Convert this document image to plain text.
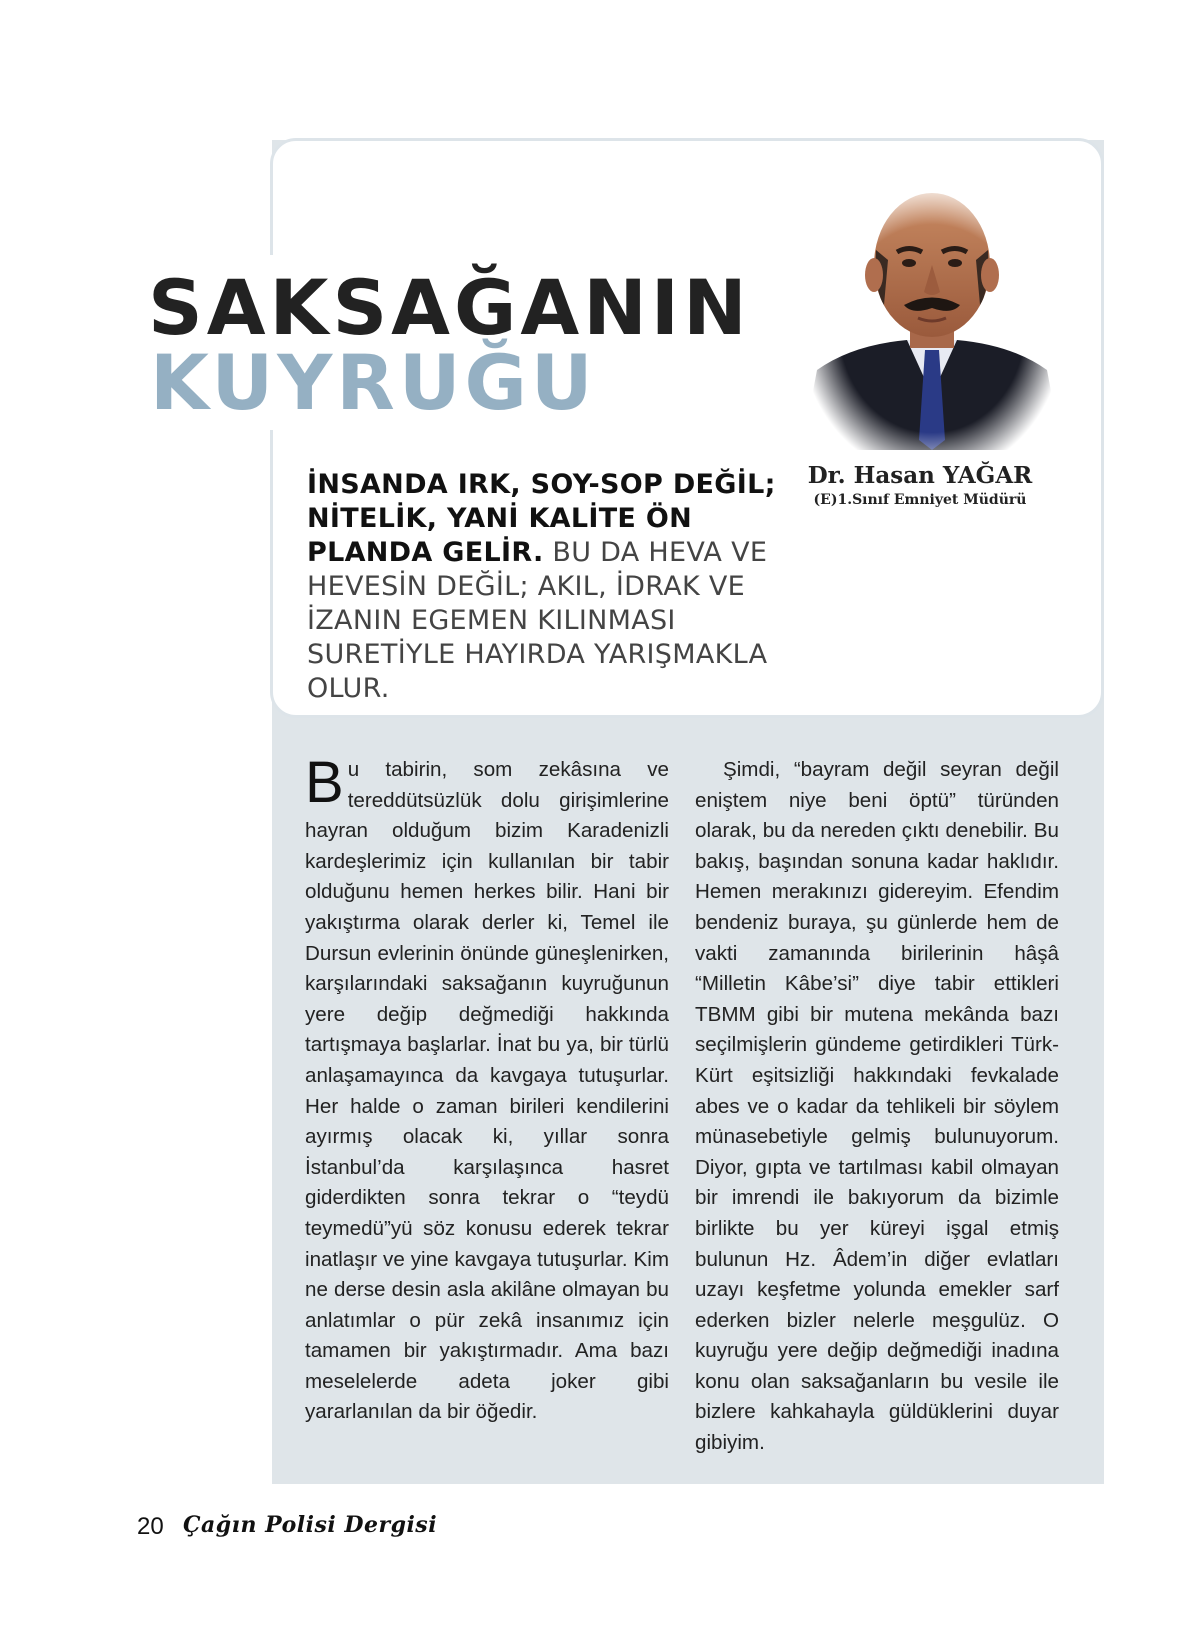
SAKSAĞANIN
KUYRUĞU
Dr. Hasan YAĞAR
(E)1.Sınıf Emniyet Müdürü
İNSANDA IRK, SOY-SOP DEĞİL; NİTELİK, YANİ KALİTE ÖN PLANDA GELİR. BU DA HEVA VE HEVESİN DEĞİL; AKIL, İDRAK VE İZANIN EGEMEN KILINMASI SURETİYLE HAYIRDA YARIŞMAKLA OLUR.
B u tabirin, som zekâsına ve tereddütsüzlük dolu girişimlerine hayran olduğum bizim Karadenizli kardeşlerimiz için kullanılan bir tabir olduğunu hemen herkes bilir. Hani bir yakıştırma olarak derler ki, Temel ile Dursun evlerinin önünde güneşlenirken, karşılarındaki saksağanın kuyruğunun yere değip değmediği hakkında tartışmaya başlarlar. İnat bu ya, bir türlü anlaşamayınca da kavgaya tutuşurlar. Her halde o zaman birileri kendilerini ayırmış olacak ki, yıllar sonra İstanbul’da karşılaşınca hasret giderdikten sonra tekrar o “teydü teymedü”yü söz konusu ederek tekrar inatlaşır ve yine kavgaya tutuşurlar. Kim ne derse desin asla akilâne olmayan bu anlatımlar o pür zekâ insanımız için tamamen bir yakıştırmadır. Ama bazı meselelerde adeta joker gibi yararlanılan da bir öğedir.

Şimdi, “bayram değil seyran değil eniştem niye beni öptü” türünden olarak, bu da nereden çıktı denebilir. Bu bakış, başından sonuna kadar haklıdır. Hemen merakınızı gidereyim. Efendim bendeniz buraya, şu günlerde hem de vakti zamanında birilerinin hâşâ “Milletin Kâbe’si” diye tabir ettikleri TBMM gibi bir mutena mekânda bazı seçilmişlerin gündeme getirdikleri Türk-Kürt eşitsizliği hakkındaki fevkalade abes ve o kadar da tehlikeli bir söylem münasebetiyle gelmiş bulunuyorum. Diyor, gıpta ve tartılması kabil olmayan bir imrendi ile bakıyorum da bizimle birlikte bu yer küreyi işgal etmiş bulunun Hz. Âdem’in diğer evlatları uzayı keşfetme yolunda emekler sarf ederken bizler nelerle meşgulüz. O kuyruğu yere değip değmediği inadına konu olan saksağanların bu vesile ile bizlere kahkahayla güldüklerini duyar gibiyim.

20 Çağın Polisi Dergisi
